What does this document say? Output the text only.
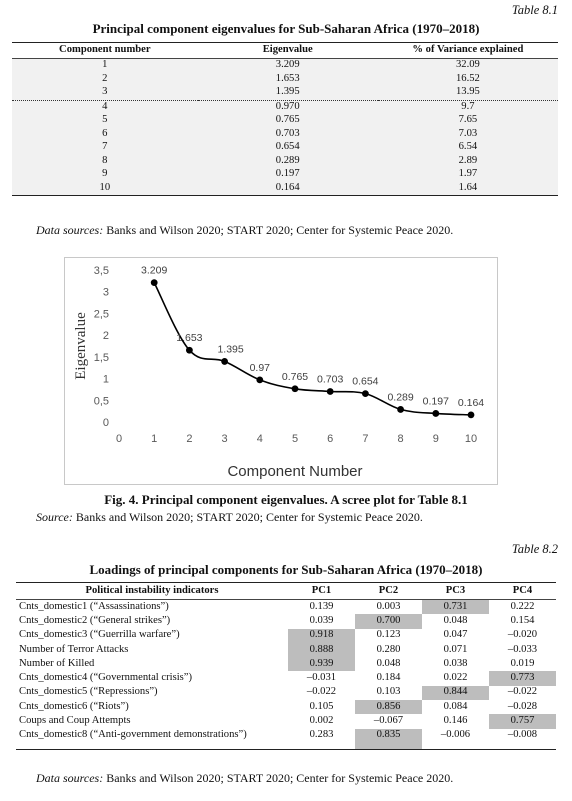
Table 8.1
Principal component eigenvalues for Sub-Saharan Africa (1970–2018)
Component number	Eigenvalue	% of Variance explained
1	3.209	32.09
2	1.653	16.52
3	1.395	13.95
4	0.970	9.7
5	0.765	7.65
6	0.703	7.03
7	0.654	6.54
8	0.289	2.89
9	0.197	1.97
10	0.164	1.64
Data sources: Banks and Wilson 2020; START 2020; Center for Systemic Peace 2020.
0
0,5
1
1,5
2
2,5
3
3,5
0	1	2	3	4	5	6	7	8	9 10
Component Number
Eigenvalue
3.209
1.653
1.395
0.97
0.765 0.703 0.654
0.289 0.197 0.164
Fig. 4. Principal component eigenvalues. A scree plot for Table 8.1
Source: Banks and Wilson 2020; START 2020; Center for Systemic Peace 2020.
Table 8.2
Loadings of principal components for Sub-Saharan Africa (1970–2018)
Political instability indicators	PC1	PC2	PC3	PC4
Cnts_domestic1 (“Assassinations”)	0.139	0.003	0.731	0.222
Cnts_domestic2 (“General strikes”)	0.039	0.700	0.048	0.154
Cnts_domestic3 (“Guerrilla warfare”)	0.918	0.123	0.047	–0.020
Number of Terror Attacks	0.888	0.280	0.071	–0.033
Number of Killed	0.939	0.048	0.038	0.019
Cnts_domestic4 (“Governmental crisis”)	–0.031	0.184	0.022	0.773
Cnts_domestic5 (“Repressions”)	–0.022	0.103	0.844	–0.022
Cnts_domestic6 (“Riots”)	0.105	0.856	0.084	–0.028
Coups and Coup Attempts	0.002	–0.067	0.146	0.757
Cnts_domestic8 (“Anti-government demonstrations”)	0.283	0.835	–0.006	–0.008

Data sources: Banks and Wilson 2020; START 2020; Center for Systemic Peace 2020.
